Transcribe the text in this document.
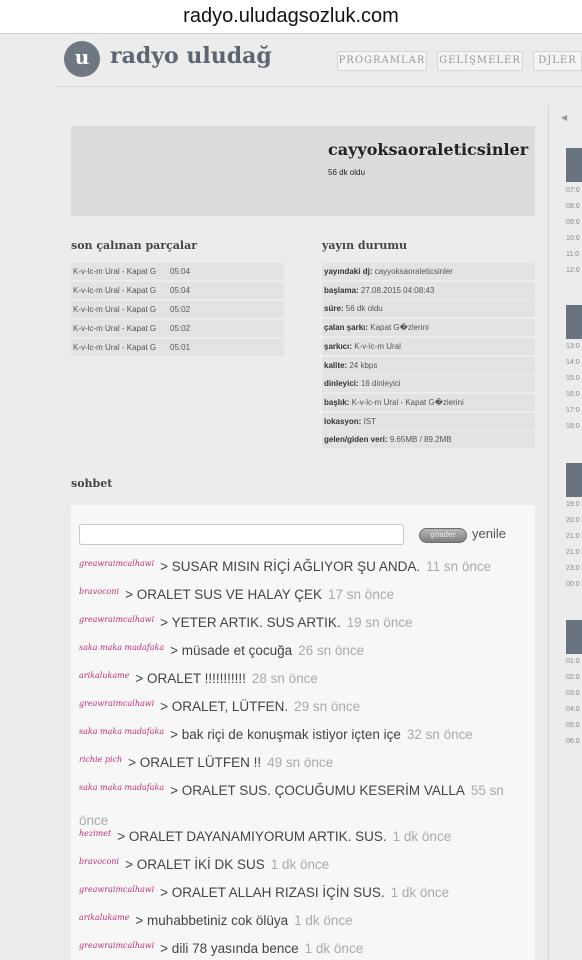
radyo.uludagsozluk.com
u radyo uludağ	PROGRAMLAR GELİŞMELER	DJLER
cayyoksaoraleticsinler
56 dk oldu
son çalınan parçalar
K-v-lc-m Ural - Kapat G 05:04
K-v-lc-m Ural - Kapat G 05:04
K-v-lc-m Ural - Kapat G 05:02
K-v-lc-m Ural - Kapat G 05:02
K-v-lc-m Ural - Kapat G 05:01
yayın durumu
yayındaki dj: cayyoksaoraleticsinler
başlama: 27.08.2015 04:08:43
süre: 56 dk oldu
çalan şarkı: Kapat G�zlerini
şarkıcı: K-v-lc-m Ural
kalite: 24 kbps
dinleyici: 16 dinleyici
başlık: K-v-lc-m Ural - Kapat G�zlerini
lokasyon: IST
gelen/giden veri: 9.65MB / 89.2MB
sohbet
gönder	yenile
$^{greawraimcalhawi}$ > SUSAR MISIN RİÇİ AĞLIYOR ŞU ANDA. 11 sn önce
$^{bravoconi}$ > ORALET SUS VE HALAY ÇEK 17 sn önce
$^{greawraimcalhawi}$ > YETER ARTIK. SUS ARTIK. 19 sn önce
$^{saka maka madafaka}$ > müsade et çocuğa 26 sn önce
$^{arikalukame}$ > ORALET !!!!!!!!!!! 28 sn önce
$^{greawraimcalhawi}$ > ORALET, LÜTFEN. 29 sn önce
$^{saka maka madafaka}$ > bak riçi de konuşmak istiyor içten içe 32 sn önce
$^{richie pich}$ > ORALET LÜTFEN !! 49 sn önce
$^{saka maka madafaka}$ > ORALET SUS. ÇOCUĞUMU KESERİM VALLA 55 sn önce
$^{hezimet}$ > ORALET DAYANAMIYORUM ARTIK. SUS. 1 dk önce
$^{bravoconi}$ > ORALET İKİ DK SUS 1 dk önce
$^{greawraimcalhawi}$ > ORALET ALLAH RIZASI İÇİN SUS. 1 dk önce
$^{arikalukame}$ > muhabbetiniz cok ölüya 1 dk önce
$^{greawraimcalhawi}$ > dili 78 yasında bence 1 dk önce
◀
07:0
08:0
09:0
10:0
11:0
12:0
13:0
14:0
15:0
16:0
17:0
18:0
19:0
20:0
21:0
21:0
23:0
00:0
01:0
02:0
03:0
04:0
05:0
06:0
